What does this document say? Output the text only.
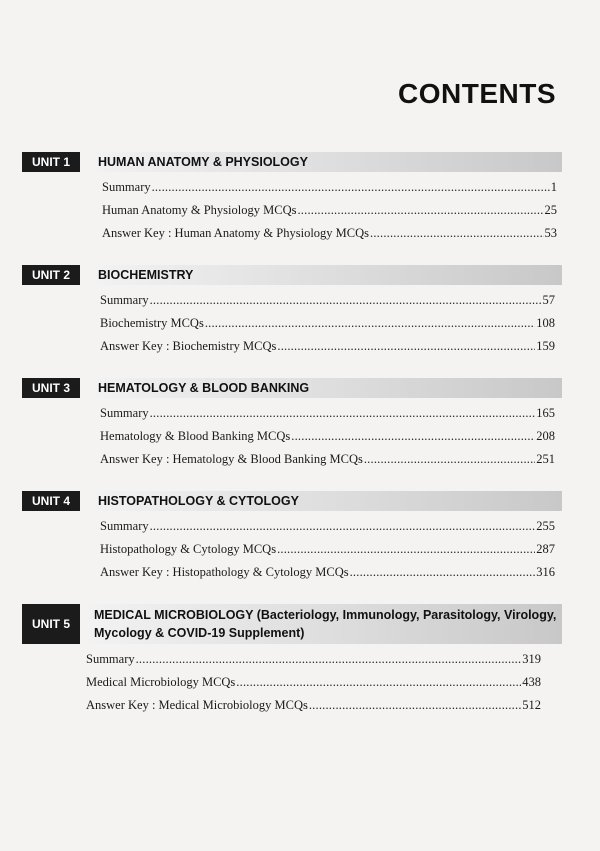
CONTENTS
UNIT 1	HUMAN ANATOMY & PHYSIOLOGY
Summary .....	1
Human Anatomy & Physiology MCQs .....	25
Answer Key : Human Anatomy & Physiology MCQs .....	53
UNIT 2	BIOCHEMISTRY
Summary .....	57
Biochemistry MCQs .....	108
Answer Key : Biochemistry MCQs .....	159
UNIT 3	HEMATOLOGY & BLOOD BANKING
Summary .....	165
Hematology & Blood Banking MCQs .....	208
Answer Key : Hematology & Blood Banking MCQs .....	251
UNIT 4	HISTOPATHOLOGY & CYTOLOGY
Summary .....	255
Histopathology & Cytology MCQs .....	287
Answer Key : Histopathology & Cytology MCQs .....	316
UNIT 5
MEDICAL MICROBIOLOGY (Bacteriology, Immunology, Parasitology, Virology, Mycology & COVID-19 Supplement)
Summary .....	319
Medical Microbiology MCQs .....	438
Answer Key : Medical Microbiology MCQs .....	512
